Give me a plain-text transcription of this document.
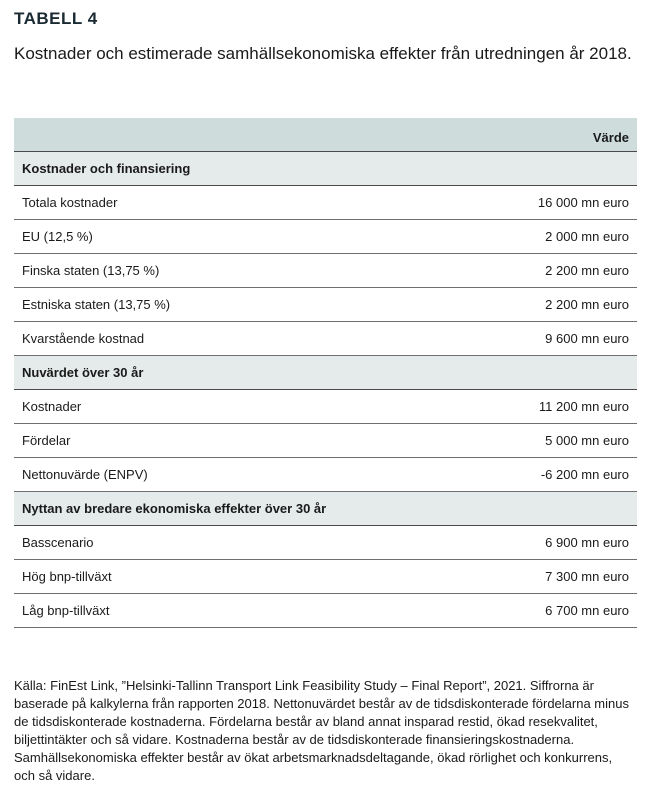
TABELL 4
Kostnader och estimerade samhällsekonomiska effekter från utredningen år 2018.
Värde
Kostnader och finansiering
Totala kostnader	16 000 mn euro
EU (12,5 %)	2 000 mn euro
Finska staten (13,75 %)	2 200 mn euro
Estniska staten (13,75 %)	2 200 mn euro
Kvarstående kostnad	9 600 mn euro
Nuvärdet över 30 år
Kostnader	11 200 mn euro
Fördelar	5 000 mn euro
Nettonuvärde (ENPV)	-6 200 mn euro
Nyttan av bredare ekonomiska effekter över 30 år
Basscenario	6 900 mn euro
Hög bnp-tillväxt	7 300 mn euro
Låg bnp-tillväxt	6 700 mn euro
Källa: FinEst Link, ”Helsinki-Tallinn Transport Link Feasibility Study – Final Report”, 2021. Siffrorna är baserade på kalkylerna från rapporten 2018. Nettonuvärdet består av de tidsdiskonterade fördelarna minus de tidsdiskonterade kostnaderna. Fördelarna består av bland annat insparad restid, ökad resekvalitet, biljettintäkter och så vidare. Kostnaderna består av de tidsdiskonterade finansieringskostnaderna. Samhällsekonomiska effekter består av ökat arbetsmarknadsdeltagande, ökad rörlighet och konkurrens, och så vidare.
